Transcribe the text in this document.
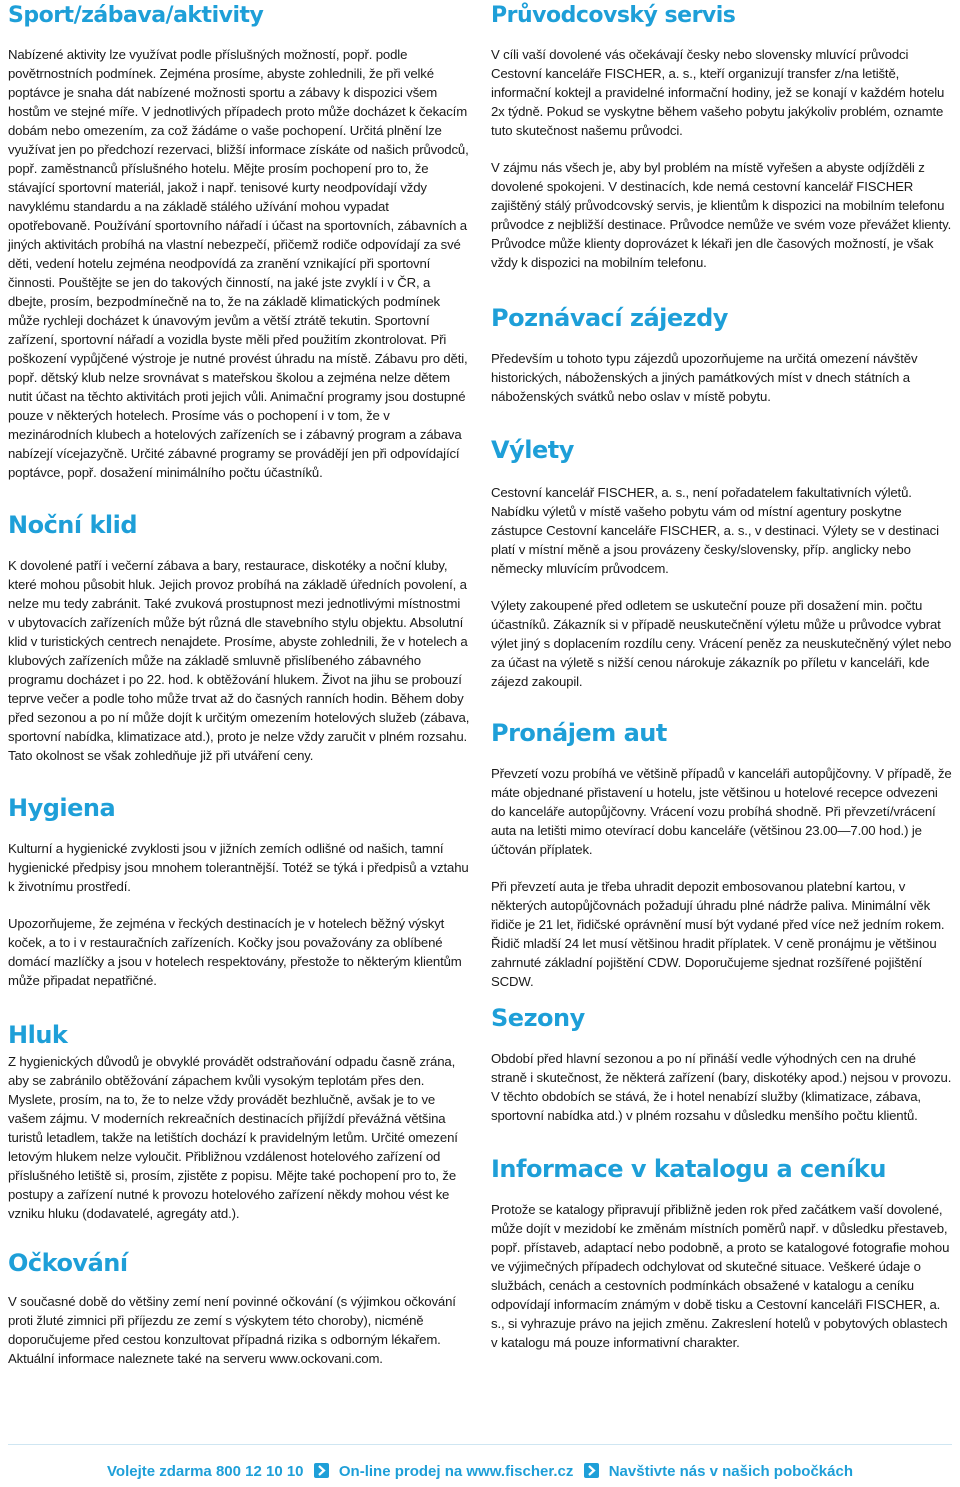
Sport/zábava/aktivity

Nabízené aktivity lze využívat podle příslušných možností, popř. podle povětrnostních podmínek. Zejména prosíme, abyste zohlednili, že při velké poptávce je snaha dát nabízené možnosti sportu a zábavy k dispozici všem hostům ve stejné míře. V jednotlivých případech proto může docházet k čekacím dobám nebo omezením, za což žádáme o vaše pochopení. Určitá plnění lze využívat jen po předchozí rezervaci, bližší informace získáte od našich průvodců, popř. zaměstnanců příslušného hotelu. Mějte prosím pochopení pro to, že stávající sportovní materiál, jakož i např. tenisové kurty neodpovídají vždy navyklému standardu a na základě stálého užívání mohou vypadat opotřebovaně. Používání sportovního nářadí i účast na sportovních, zábavních a jiných aktivitách probíhá na vlastní nebezpečí, přičemž rodiče odpovídají za své děti, vedení hotelu zejména neodpovídá za zranění vznikající při sportovní činnosti. Pouštějte se jen do takových činností, na jaké jste zvyklí i v ČR, a dbejte, prosím, bezpodmínečně na to, že na základě klimatických podmínek může rychleji docházet k únavovým jevům a větší ztrátě tekutin. Sportovní zařízení, sportovní nářadí a vozidla byste měli před použitím zkontrolovat. Při poškození vypůjčené výstroje je nutné provést úhradu na místě. Zábavu pro děti, popř. dětský klub nelze srovnávat s mateřskou školou a zejména nelze dětem nutit účast na těchto aktivitách proti jejich vůli. Animační programy jsou dostupné pouze v některých hotelech. Prosíme vás o pochopení i v tom, že v mezinárodních klubech a hotelových zařízeních se i zábavný program a zábava nabízejí vícejazyčně. Určité zábavné programy se provádějí jen při odpovídající poptávce, popř. dosažení minimálního počtu účastníků.

Noční klid

K dovolené patří i večerní zábava a bary, restaurace, diskotéky a noční kluby, které mohou působit hluk. Jejich provoz probíhá na základě úředních povolení, a nelze mu tedy zabránit. Také zvuková prostupnost mezi jednotlivými místnostmi v ubytovacích zařízeních může být různá dle stavebního stylu objektu. Absolutní klid v turistických centrech nenajdete. Prosíme, abyste zohlednili, že v hotelech a klubových zařízeních může na základě smluvně přislíbeného zábavného programu docházet i po 22. hod. k obtěžování hlukem. Život na jihu se probouzí teprve večer a podle toho může trvat až do časných ranních hodin. Během doby před sezonou a po ní může dojít k určitým omezením hotelových služeb (zábava, sportovní nabídka, klimatizace atd.), proto je nelze vždy zaručit v plném rozsahu. Tato okolnost se však zohledňuje již při utváření ceny.

Hygiena

Kulturní a hygienické zvyklosti jsou v jižních zemích odlišné od našich, tamní hygienické předpisy jsou mnohem tolerantnější. Totéž se týká i předpisů a vztahu k životnímu prostředí.

Upozorňujeme, že zejména v řeckých destinacích je v hotelech běžný výskyt koček, a to i v restauračních zařízeních. Kočky jsou považovány za oblíbené domácí mazlíčky a jsou v hotelech respektovány, přestože to některým klientům může připadat nepatřičné.

Hluk

Z hygienických důvodů je obvyklé provádět odstraňování odpadu časně zrána, aby se zabránilo obtěžování zápachem kvůli vysokým teplotám přes den. Myslete, prosím, na to, že to nelze vždy provádět bezhlučně, avšak je to ve vašem zájmu. V moderních rekreačních destinacích přijíždí převážná většina turistů letadlem, takže na letištích dochází k pravidelným letům. Určité omezení letovým hlukem nelze vyloučit. Přibližnou vzdálenost hotelového zařízení od příslušného letiště si, prosím, zjistěte z popisu. Mějte také pochopení pro to, že postupy a zařízení nutné k provozu hotelového zařízení někdy mohou vést ke vzniku hluku (dodavatelé, agregáty atd.).

Očkování

V současné době do většiny zemí není povinné očkování (s výjimkou očkování proti žluté zimnici při příjezdu ze zemí s výskytem této choroby), nicméně doporučujeme před cestou konzultovat případná rizika s odborným lékařem. Aktuální informace naleznete také na serveru www.ockovani.com.

Průvodcovský servis

V cíli vaší dovolené vás očekávají česky nebo slovensky mluvící průvodci Cestovní kanceláře FISCHER, a. s., kteří organizují transfer z/na letiště, informační koktejl a pravidelné informační hodiny, jež se konají v každém hotelu 2x týdně. Pokud se vyskytne během vašeho pobytu jakýkoliv problém, oznamte tuto skutečnost našemu průvodci.

V zájmu nás všech je, aby byl problém na místě vyřešen a abyste odjížděli z dovolené spokojeni. V destinacích, kde nemá cestovní kancelář FISCHER zajištěný stálý průvodcovský servis, je klientům k dispozici na mobilním telefonu průvodce z nejbližší destinace. Průvodce nemůže ve svém voze převážet klienty. Průvodce může klienty doprovázet k lékaři jen dle časových možností, je však vždy k dispozici na mobilním telefonu.

Poznávací zájezdy

Především u tohoto typu zájezdů upozorňujeme na určitá omezení návštěv historických, náboženských a jiných památkových míst v dnech státních a náboženských svátků nebo oslav v místě pobytu.

Výlety

Cestovní kancelář FISCHER, a. s., není pořadatelem fakultativních výletů. Nabídku výletů v místě vašeho pobytu vám od místní agentury poskytne zástupce Cestovní kanceláře FISCHER, a. s., v destinaci. Výlety se v destinaci platí v místní měně a jsou provázeny česky/slovensky, příp. anglicky nebo německy mluvícím průvodcem.

Výlety zakoupené před odletem se uskuteční pouze při dosažení min. počtu účastníků. Zákazník si v případě neuskutečnění výletu může u průvodce vybrat výlet jiný s doplacením rozdílu ceny. Vrácení peněz za neuskutečněný výlet nebo za účast na výletě s nižší cenou nárokuje zákazník po příletu v kanceláři, kde zájezd zakoupil.

Pronájem aut

Převzetí vozu probíhá ve většině případů v kanceláři autopůjčovny. V případě, že máte objednané přistavení u hotelu, jste většinou u hotelové recepce odvezeni do kanceláře autopůjčovny. Vrácení vozu probíhá shodně. Při převzetí/vrácení auta na letišti mimo otevírací dobu kanceláře (většinou 23.00—7.00 hod.) je účtován příplatek.

Při převzetí auta je třeba uhradit depozit embosovanou platební kartou, v některých autopůjčovnách požadují úhradu plné nádrže paliva. Minimální věk řidiče je 21 let, řidičské oprávnění musí být vydané před více než jedním rokem. Řidič mladší 24 let musí většinou hradit příplatek. V ceně pronájmu je většinou zahrnuté základní pojištění CDW. Doporučujeme sjednat rozšířené pojištění SCDW.

Sezony

Období před hlavní sezonou a po ní přináší vedle výhodných cen na druhé straně i skutečnost, že některá zařízení (bary, diskotéky apod.) nejsou v provozu. V těchto obdobích se stává, že i hotel nenabízí služby (klimatizace, zábava, sportovní nabídka atd.) v plném rozsahu v důsledku menšího počtu klientů.

Informace v katalogu a ceníku

Protože se katalogy připravují přibližně jeden rok před začátkem vaší dovolené, může dojít v mezidobí ke změnám místních poměrů např. v důsledku přestaveb, popř. přístaveb, adaptací nebo podobně, a proto se katalogové fotografie mohou ve výjimečných případech odchylovat od skutečné situace. Veškeré údaje o službách, cenách a cestovních podmínkách obsažené v katalogu a ceníku odpovídají informacím známým v době tisku a Cestovní kanceláři FISCHER, a. s., si vyhrazuje právo na jejich změnu. Zakreslení hotelů v pobytových oblastech v katalogu má pouze informativní charakter.

Volejte zdarma 800 12 10 10 On-line prodej na www.fischer.cz Navštivte nás v našich pobočkách
